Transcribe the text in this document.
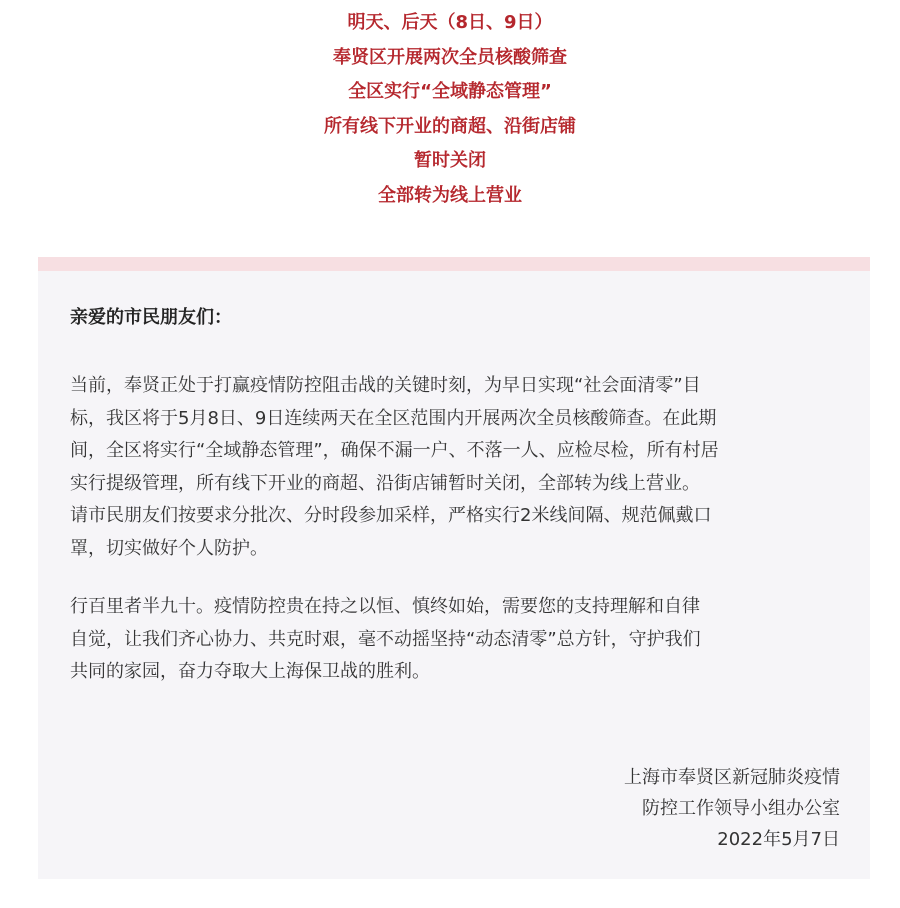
明天、后天（8日、9日）
奉贤区开展两次全员核酸筛查
全区实行“全域静态管理”
所有线下开业的商超、沿街店铺
暂时关闭
全部转为线上营业
亲爱的市民朋友们：
当前，奉贤正处于打赢疫情防控阻击战的关键时刻，为早日实现“社会面清零”目
标，我区将于5月8日、9日连续两天在全区范围内开展两次全员核酸筛查。在此期
间，全区将实行“全域静态管理”，确保不漏一户、不落一人、应检尽检，所有村居
实行提级管理，所有线下开业的商超、沿街店铺暂时关闭，全部转为线上营业。
请市民朋友们按要求分批次、分时段参加采样，严格实行2米线间隔、规范佩戴口
罩，切实做好个人防护。
行百里者半九十。疫情防控贵在持之以恒、慎终如始，需要您的支持理解和自律
自觉，让我们齐心协力、共克时艰，毫不动摇坚持“动态清零”总方针，守护我们
共同的家园，奋力夺取大上海保卫战的胜利。
上海市奉贤区新冠肺炎疫情
防控工作领导小组办公室
2022年5月7日
